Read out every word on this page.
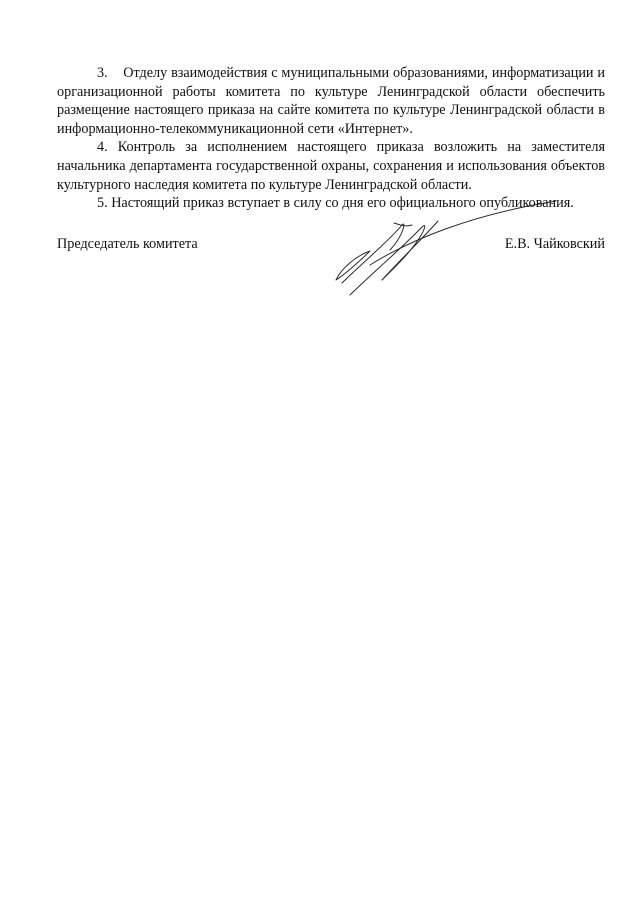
3.    Отделу взаимодействия с муниципальными образованиями, информатизации и организационной работы комитета по культуре Ленинградской области обеспечить размещение настоящего приказа на сайте комитета по культуре Ленинградской области в информационно-телекоммуникационной сети «Интернет».

4. Контроль за исполнением настоящего приказа возложить на заместителя начальника департамента государственной охраны, сохранения и использования объектов культурного наследия комитета по культуре Ленинградской области.

5. Настоящий приказ вступает в силу со дня его официального опубликования.

Председатель комитета	Е.В. Чайковский
